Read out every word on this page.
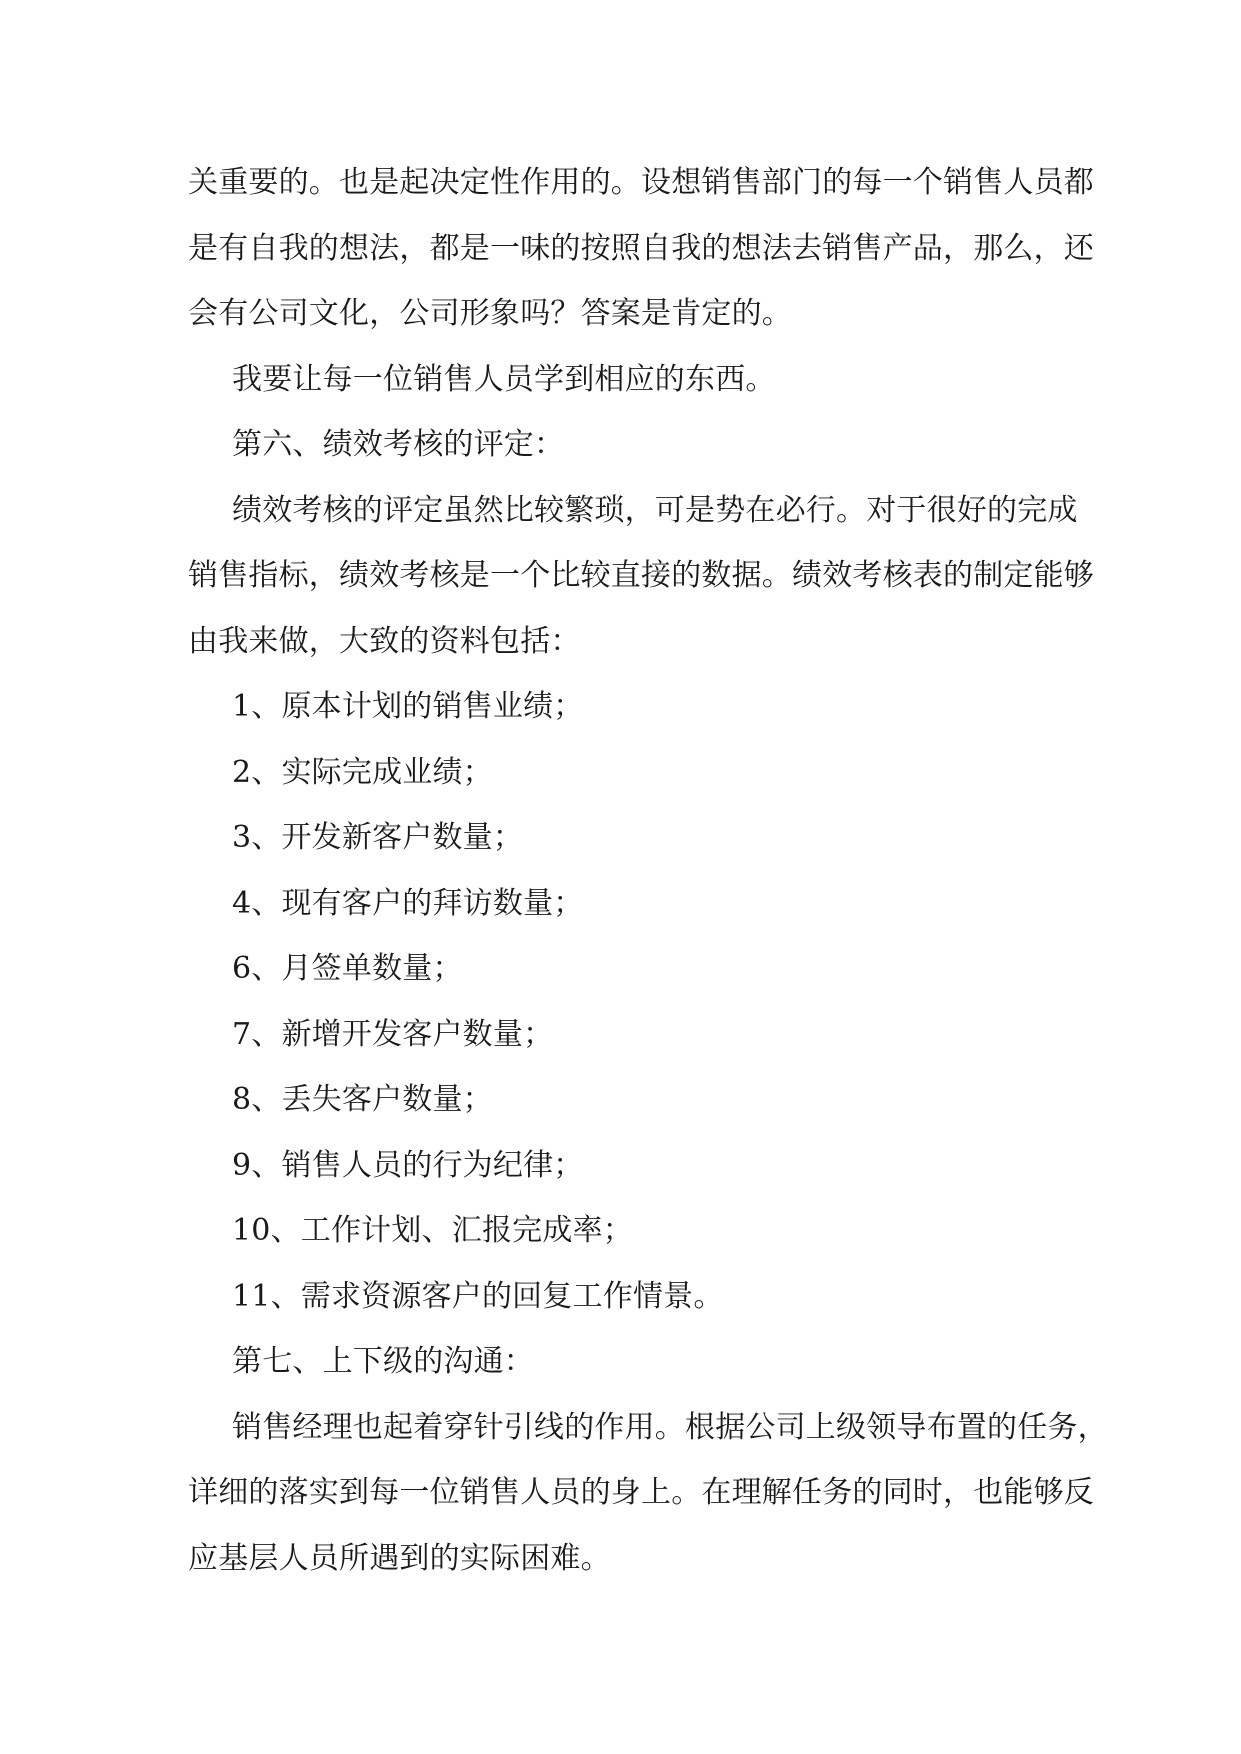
关重要的。也是起决定性作用的。设想销售部门的每一个销售人员都

是有自我的想法，都是一味的按照自我的想法去销售产品，那么，还

会有公司文化，公司形象吗？答案是肯定的。

我要让每一位销售人员学到相应的东西。

第六、绩效考核的评定：

绩效考核的评定虽然比较繁琐，可是势在必行。对于很好的完成

销售指标，绩效考核是一个比较直接的数据。绩效考核表的制定能够

由我来做，大致的资料包括：

1、原本计划的销售业绩；

2、实际完成业绩；

3、开发新客户数量；

4、现有客户的拜访数量；

6、月签单数量；

7、新增开发客户数量；

8、丢失客户数量；

9、销售人员的行为纪律；

10、工作计划、汇报完成率；

11、需求资源客户的回复工作情景。

第七、上下级的沟通：

销售经理也起着穿针引线的作用。根据公司上级领导布置的任务，

详细的落实到每一位销售人员的身上。在理解任务的同时，也能够反

应基层人员所遇到的实际困难。
